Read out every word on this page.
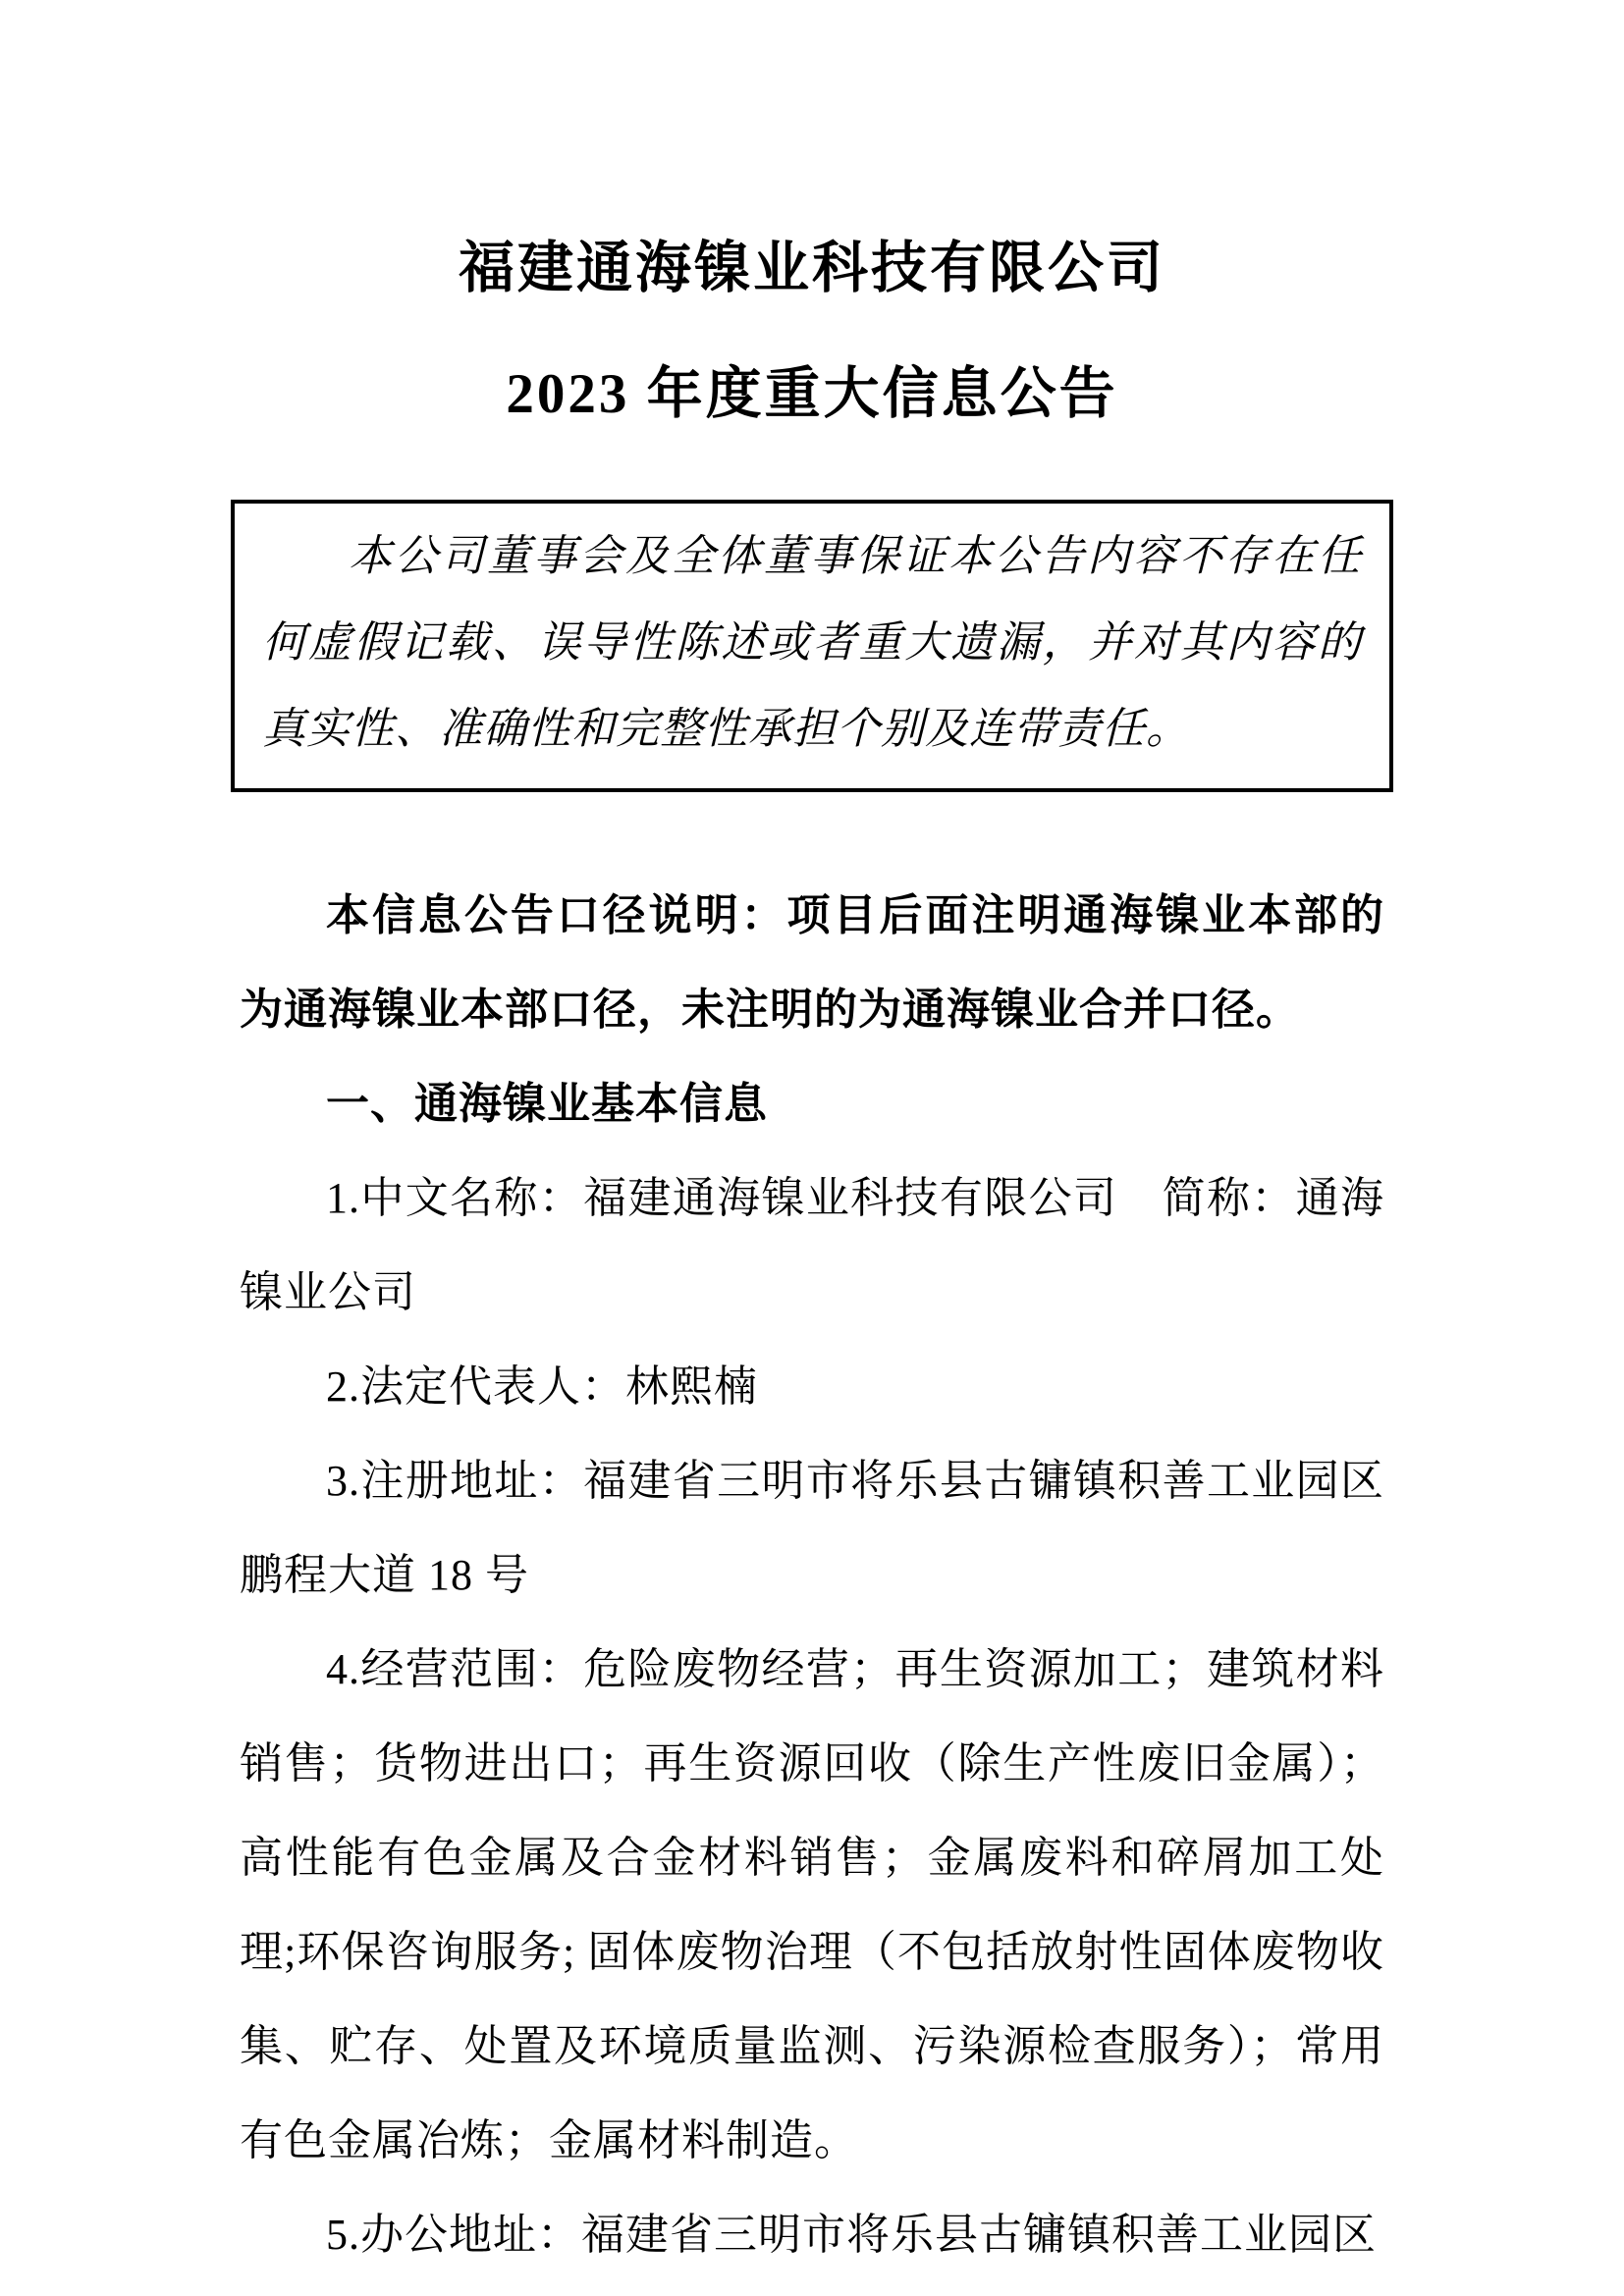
福建通海镍业科技有限公司
2023 年度重大信息公告

本公司董事会及全体董事保证本公告内容不存在任何虚假记载、误导性陈述或者重大遗漏，并对其内容的真实性、准确性和完整性承担个别及连带责任。

本信息公告口径说明：项目后面注明通海镍业本部的为通海镍业本部口径，未注明的为通海镍业合并口径。

一、通海镍业基本信息

1.中文名称：福建通海镍业科技有限公司　简称：通海镍业公司

2.法定代表人：林熙楠

3.注册地址：福建省三明市将乐县古镛镇积善工业园区鹏程大道 18 号

4.经营范围：危险废物经营；再生资源加工；建筑材料销售；货物进出口；再生资源回收（除生产性废旧金属）；高性能有色金属及合金材料销售；金属废料和碎屑加工处理;环保咨询服务; 固体废物治理（不包括放射性固体废物收集、贮存、处置及环境质量监测、污染源检查服务）；常用有色金属冶炼；金属材料制造。

5.办公地址：福建省三明市将乐县古镛镇积善工业园区
